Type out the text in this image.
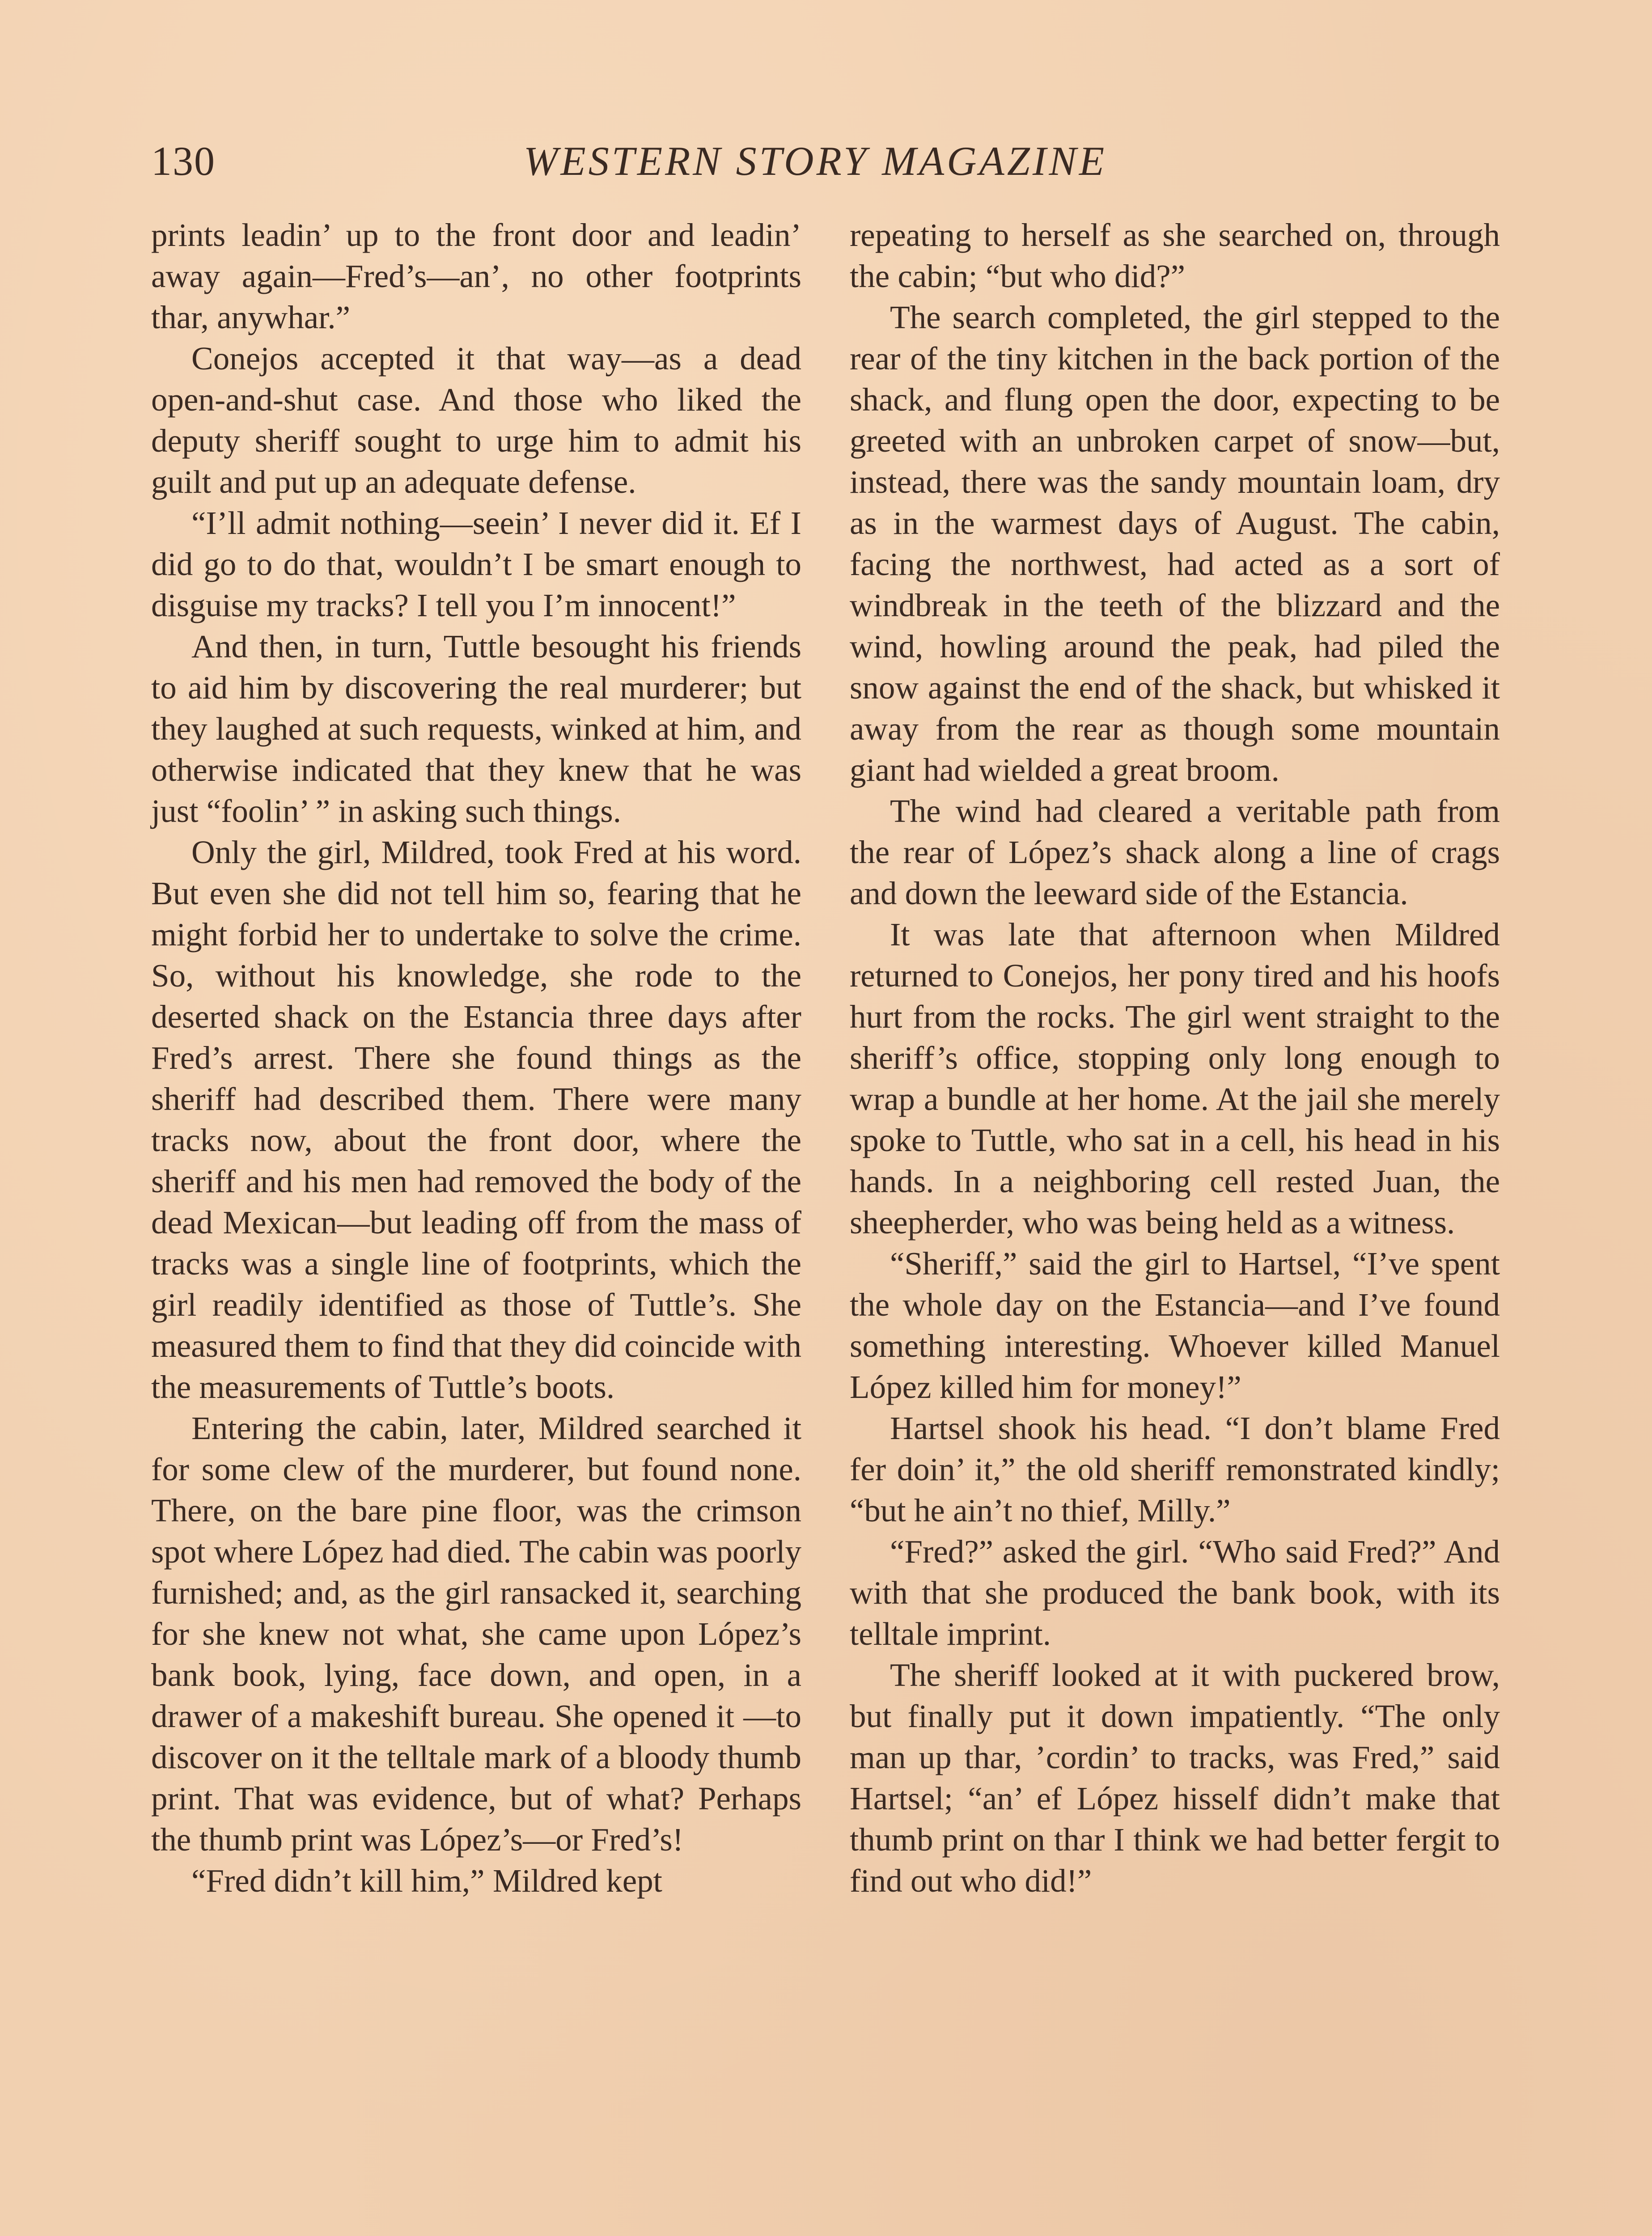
130	WESTERN STORY MAGAZINE

prints leadin’ up to the front door and leadin’ away again—Fred’s—an’, no other footprints thar, anywhar.”

Conejos accepted it that way—as a dead open-and-shut case. And those who liked the deputy sheriff sought to urge him to admit his guilt and put up an adequate defense.

“I’ll admit nothing—seein’ I never did it. Ef I did go to do that, wouldn’t I be smart enough to disguise my tracks? I tell you I’m innocent!”

And then, in turn, Tuttle besought his friends to aid him by discovering the real murderer; but they laughed at such requests, winked at him, and otherwise indicated that they knew that he was just “foolin’ ” in asking such things.

Only the girl, Mildred, took Fred at his word. But even she did not tell him so, fearing that he might forbid her to undertake to solve the crime. So, without his knowledge, she rode to the deserted shack on the Estancia three days after Fred’s arrest. There she found things as the sheriff had described them. There were many tracks now, about the front door, where the sheriff and his men had removed the body of the dead Mexican—but leading off from the mass of tracks was a single line of footprints, which the girl readily identified as those of Tuttle’s. She measured them to find that they did coincide with the measurements of Tuttle’s boots.

Entering the cabin, later, Mildred searched it for some clew of the murderer, but found none. There, on the bare pine floor, was the crimson spot where López had died. The cabin was poorly furnished; and, as the girl ransacked it, searching for she knew not what, she came upon López’s bank book, lying, face down, and open, in a drawer of a makeshift bureau. She opened it —to discover on it the telltale mark of a bloody thumb print. That was evidence, but of what? Perhaps the thumb print was López’s—or Fred’s!

“Fred didn’t kill him,” Mildred kept

repeating to herself as she searched on, through the cabin; “but who did?”

The search completed, the girl stepped to the rear of the tiny kitchen in the back portion of the shack, and flung open the door, expecting to be greeted with an unbroken carpet of snow—but, instead, there was the sandy mountain loam, dry as in the warmest days of August. The cabin, facing the northwest, had acted as a sort of windbreak in the teeth of the blizzard and the wind, howling around the peak, had piled the snow against the end of the shack, but whisked it away from the rear as though some mountain giant had wielded a great broom.

The wind had cleared a veritable path from the rear of López’s shack along a line of crags and down the leeward side of the Estancia.

It was late that afternoon when Mildred returned to Conejos, her pony tired and his hoofs hurt from the rocks. The girl went straight to the sheriff’s office, stopping only long enough to wrap a bundle at her home. At the jail she merely spoke to Tuttle, who sat in a cell, his head in his hands. In a neighboring cell rested Juan, the sheepherder, who was being held as a witness.

“Sheriff,” said the girl to Hartsel, “I’ve spent the whole day on the Estancia—and I’ve found something interesting. Whoever killed Manuel López killed him for money!”

Hartsel shook his head. “I don’t blame Fred fer doin’ it,” the old sheriff remonstrated kindly; “but he ain’t no thief, Milly.”

“Fred?” asked the girl. “Who said Fred?” And with that she produced the bank book, with its telltale imprint.

The sheriff looked at it with puckered brow, but finally put it down impatiently. “The only man up thar, ’cordin’ to tracks, was Fred,” said Hartsel; “an’ ef López hisself didn’t make that thumb print on thar I think we had better fergit to find out who did!”
